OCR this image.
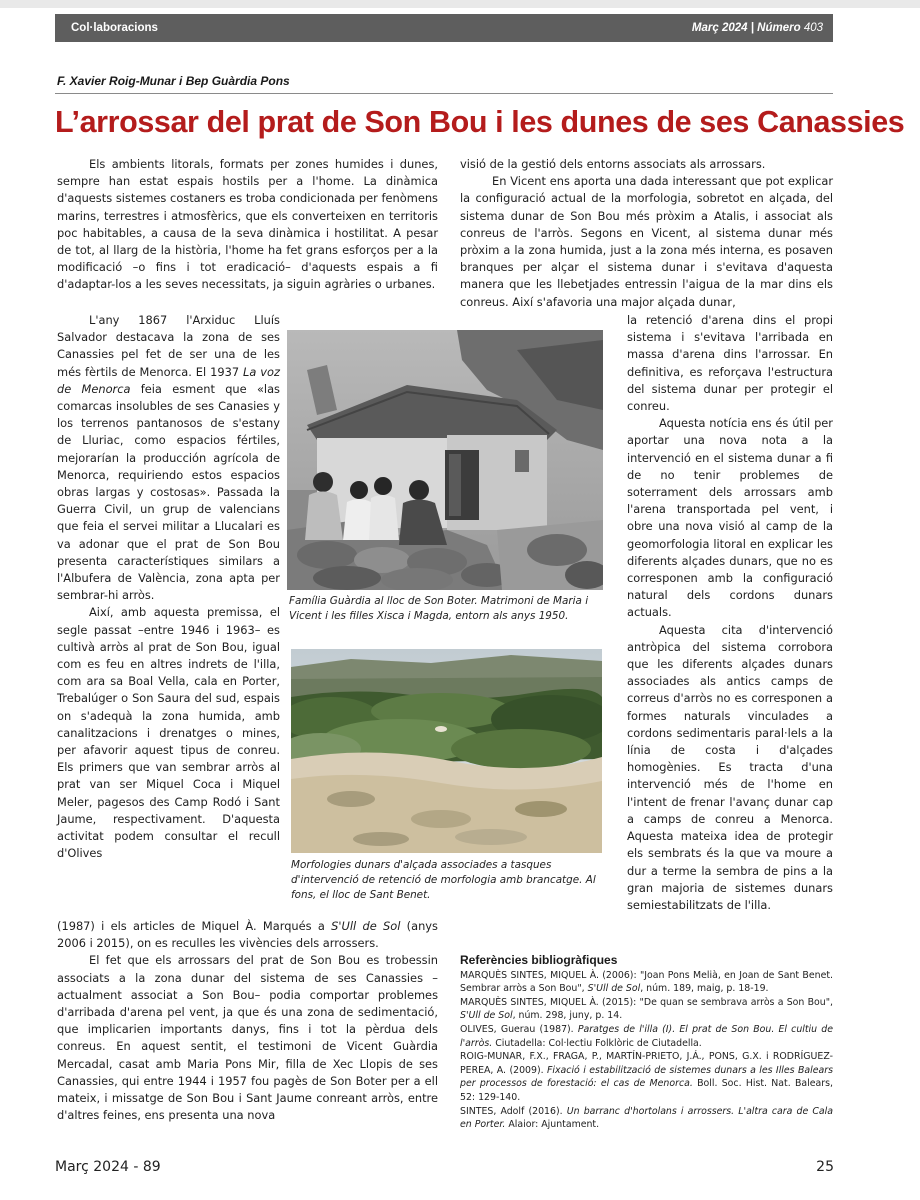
Col·laboracions	Març 2024 | Número 403
F. Xavier Roig-Munar i Bep Guàrdia Pons
L’arrossar del prat de Son Bou i les dunes de ses Canassies

Els ambients litorals, formats per zones humides i dunes, sempre han estat espais hostils per a l'home. La dinàmica d'aquests sistemes costaners es troba condicionada per fenòmens marins, terrestres i atmosfèrics, que els converteixen en territoris poc habitables, a causa de la seva dinàmica i hostilitat. A pesar de tot, al llarg de la història, l'home ha fet grans esforços per a la modificació –o fins i tot eradicació– d'aquests espais a fi d'adaptar-los a les seves necessitats, ja siguin agràries o urbanes.

L'any 1867 l'Arxiduc Lluís Salvador destacava la zona de ses Canassies pel fet de ser una de les més fèrtils de Menorca. El 1937 La voz de Menorca feia esment que «las comarcas insolubles de ses Canasies y los terrenos pantanosos de s'estany de Lluriac, como espacios fértiles, mejorarían la producción agrícola de Menorca, requiriendo estos espacios obras largas y costosas». Passada la Guerra Civil, un grup de valencians que feia el servei militar a Llucalari es va adonar que el prat de Son Bou presenta característiques similars a l'Albufera de València, zona apta per sembrar-hi arròs.

Així, amb aquesta premissa, el segle passat –entre 1946 i 1963– es cultivà arròs al prat de Son Bou, igual com es feu en altres indrets de l'illa, com ara sa Boal Vella, cala en Porter, Trebalúger o Son Saura del sud, espais on s'adequà la zona humida, amb canalitzacions i drenatges o mines, per afavorir aquest tipus de conreu. Els primers que van sembrar arròs al prat van ser Miquel Coca i Miquel Meler, pagesos des Camp Rodó i Sant Jaume, respectivament. D'aquesta activitat podem consultar el recull d'Olives

(1987) i els articles de Miquel À. Marqués a S'Ull de Sol (anys 2006 i 2015), on es reculles les vivències dels arrossers.

El fet que els arrossars del prat de Son Bou es trobessin associats a la zona dunar del sistema de ses Canassies –actualment associat a Son Bou– podia comportar problemes d'arribada d'arena pel vent, ja que és una zona de sedimentació, que implicarien importants danys, fins i tot la pèrdua dels conreus. En aquest sentit, el testimoni de Vicent Guàrdia Mercadal, casat amb Maria Pons Mir, filla de Xec Llopis de ses Canassies, qui entre 1944 i 1957 fou pagès de Son Boter per a ell mateix, i missatge de Son Bou i Sant Jaume conreant arròs, entre d'altres feines, ens presenta una nova

Família Guàrdia al lloc de Son Boter. Matrimoni de Maria i Vicent i les filles Xisca i Magda, entorn als anys 1950.
Morfologies dunars d'alçada associades a tasques d'intervenció de retenció de morfologia amb brancatge. Al fons, el lloc de Sant Benet.

visió de la gestió dels entorns associats als arrossars.

En Vicent ens aporta una dada interessant que pot explicar la configuració actual de la morfologia, sobretot en alçada, del sistema dunar de Son Bou més pròxim a Atalis, i associat als conreus de l'arròs. Segons en Vicent, al sistema dunar més pròxim a la zona humida, just a la zona més interna, es posaven branques per alçar el sistema dunar i s'evitava d'aquesta manera que les llebetjades entressin l'aigua de la mar dins els conreus. Així s'afavoria una major alçada dunar,

la retenció d'arena dins el propi sistema i s'evitava l'arribada en massa d'arena dins l'arrossar. En definitiva, es reforçava l'estructura del sistema dunar per protegir el conreu.

Aquesta notícia ens és útil per aportar una nova nota a la intervenció en el sistema dunar a fi de no tenir problemes de soterrament dels arrossars amb l'arena transportada pel vent, i obre una nova visió al camp de la geomorfologia litoral en explicar les diferents alçades dunars, que no es corresponen amb la configuració natural dels cordons dunars actuals.

Aquesta cita d'intervenció antròpica del sistema corrobora que les diferents alçades dunars associades als antics camps de correus d'arròs no es corresponen a formes naturals vinculades a cordons sedimentaris paral·lels a la línia de costa i d'alçades homogènies. Es tracta d'una intervenció més de l'home en l'intent de frenar l'avanç dunar cap a camps de conreu a Menorca. Aquesta mateixa idea de protegir els sembrats és la que va moure a dur a terme la sembra de pins a la gran majoria de sistemes dunars semiestabilitzats de l'illa.

Referències bibliogràfiques

MARQUÈS SINTES, MIQUEL À. (2006): "Joan Pons Melià, en Joan de Sant Benet. Sembrar arròs a Son Bou", S'Ull de Sol, núm. 189, maig, p. 18-19.

MARQUÈS SINTES, MIQUEL À. (2015): "De quan se sembrava arròs a Son Bou", S'Ull de Sol, núm. 298, juny, p. 14.

OLIVES, Guerau (1987). Paratges de l'illa (I). El prat de Son Bou. El cultiu de l'arròs. Ciutadella: Col·lectiu Folklòric de Ciutadella.

ROIG-MUNAR, F.X., FRAGA, P., MARTÍN-PRIETO, J.Á., PONS, G.X. i RODRÍGUEZ-PEREA, A. (2009). Fixació i estabilització de sistemes dunars a les Illes Balears per processos de forestació: el cas de Menorca. Boll. Soc. Hist. Nat. Balears, 52: 129-140.

SINTES, Adolf (2016). Un barranc d'hortolans i arrossers. L'altra cara de Cala en Porter. Alaior: Ajuntament.

Març 2024 - 89	25
